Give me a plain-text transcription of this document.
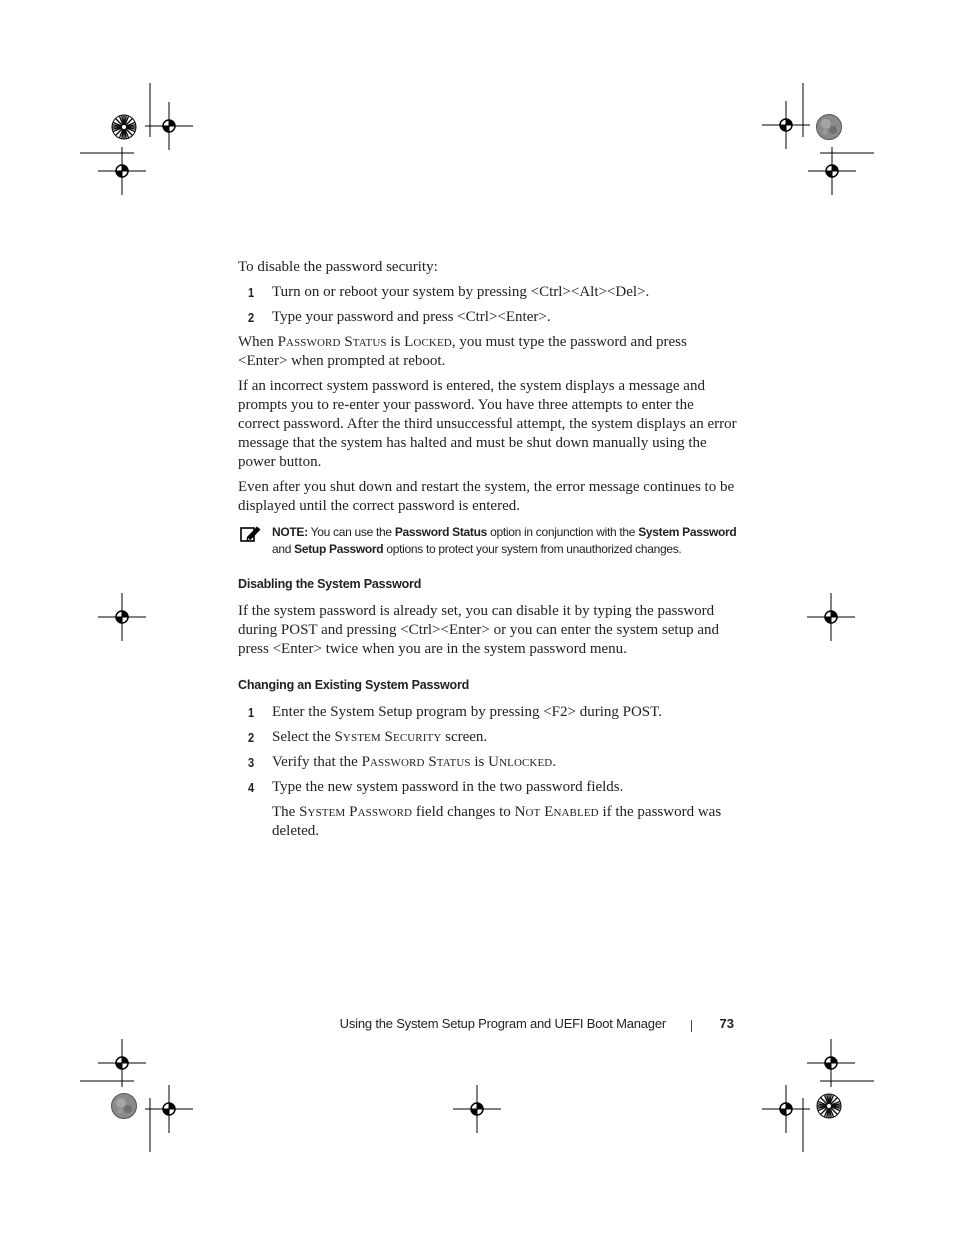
To disable the password security:

1 Turn on or reboot your system by pressing <Ctrl><Alt><Del>.
2 Type your password and press <Ctrl><Enter>.

When Password Status is Locked, you must type the password and press <Enter> when prompted at reboot.

If an incorrect system password is entered, the system displays a message and prompts you to re-enter your password. You have three attempts to enter the correct password. After the third unsuccessful attempt, the system displays an error message that the system has halted and must be shut down manually using the power button.

Even after you shut down and restart the system, the error message continues to be displayed until the correct password is entered.

NOTE: You can use the Password Status option in conjunction with the System Password and Setup Password options to protect your system from unauthorized changes.
Disabling the System Password

If the system password is already set, you can disable it by typing the password during POST and pressing <Ctrl><Enter> or you can enter the system setup and press <Enter> twice when you are in the system password menu.

Changing an Existing System Password
1 Enter the System Setup program by pressing <F2> during POST.
2 Select the System Security screen.
3 Verify that the Password Status is Unlocked.
4 Type the new system password in the two password fields.

The System Password field changes to Not Enabled if the password was deleted.

Using the System Setup Program and UEFI Boot Manager	73
